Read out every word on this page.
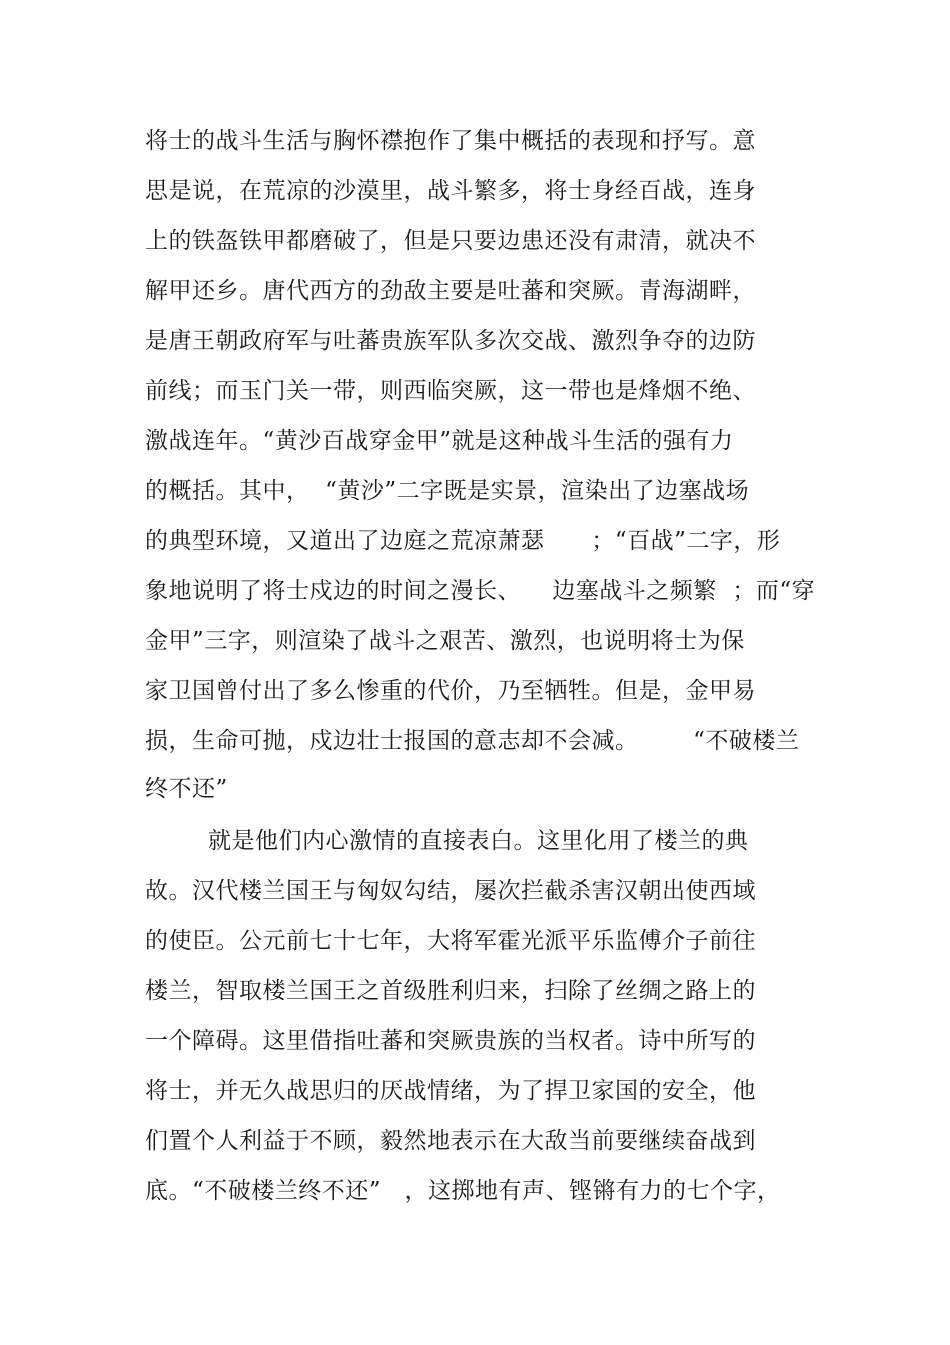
将士的战斗生活与胸怀襟抱作了集中概括的表现和抒写。意
思是说，在荒凉的沙漠里，战斗繁多，将士身经百战，连身
上的铁盔铁甲都磨破了，但是只要边患还没有肃清，就决不
解甲还乡。唐代西方的劲敌主要是吐蕃和突厥。青海湖畔，
是唐王朝政府军与吐蕃贵族军队多次交战、激烈争夺的边防
前线；而玉门关一带，则西临突厥，这一带也是烽烟不绝、
激战连年。“黄沙百战穿金甲”就是这种战斗生活的强有力
的概括。其中，  “黄沙”二字既是实景，渲染出了边塞战场
的典型环境，又道出了边庭之荒凉萧瑟      ；“百战”二字，形
象地说明了将士戍边的时间之漫长、    边塞战斗之频繁  ；而“穿
金甲”三字，则渲染了战斗之艰苦、激烈，也说明将士为保
家卫国曾付出了多么惨重的代价，乃至牺牲。但是，金甲易
损，生命可抛，戍边壮士报国的意志却不会减。       “不破楼兰
终不还”
就是他们内心激情的直接表白。这里化用了楼兰的典
故。汉代楼兰国王与匈奴勾结，屡次拦截杀害汉朝出使西域
的使臣。公元前七十七年，大将军霍光派平乐监傅介子前往
楼兰，智取楼兰国王之首级胜利归来，扫除了丝绸之路上的
一个障碍。这里借指吐蕃和突厥贵族的当权者。诗中所写的
将士，并无久战思归的厌战情绪，为了捍卫家国的安全，他
们置个人利益于不顾，毅然地表示在大敌当前要继续奋战到
底。“不破楼兰终不还”   ，这掷地有声、铿锵有力的七个字，
